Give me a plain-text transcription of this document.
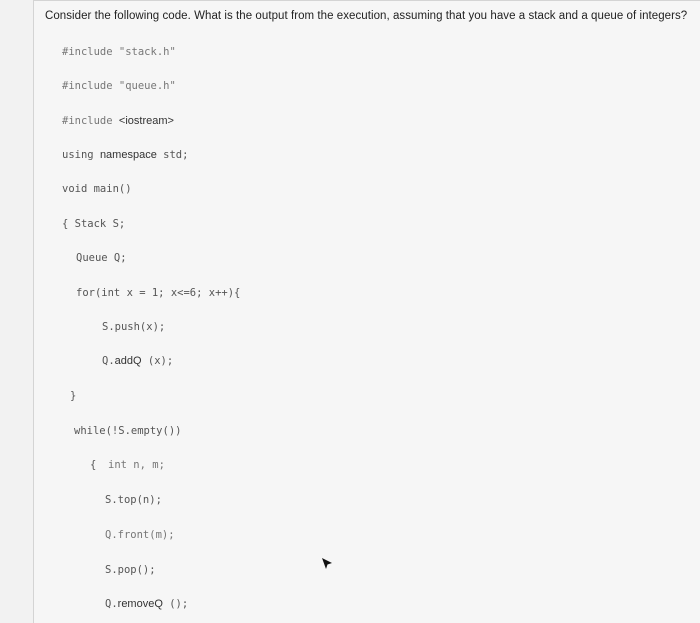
Consider the following code. What is the output from the execution, assuming that you have a stack and a queue of integers?
#include "stack.h"
#include "queue.h"
#include <iostream>
using namespace std;
void main()
{ Stack S;
Queue Q;
for(int x = 1; x<=6; x++){
S.push(x);
Q.addQ (x);
}
while(!S.empty())
{ int n, m;
S.top(n);
Q.front(m);
S.pop();
Q.removeQ ();
